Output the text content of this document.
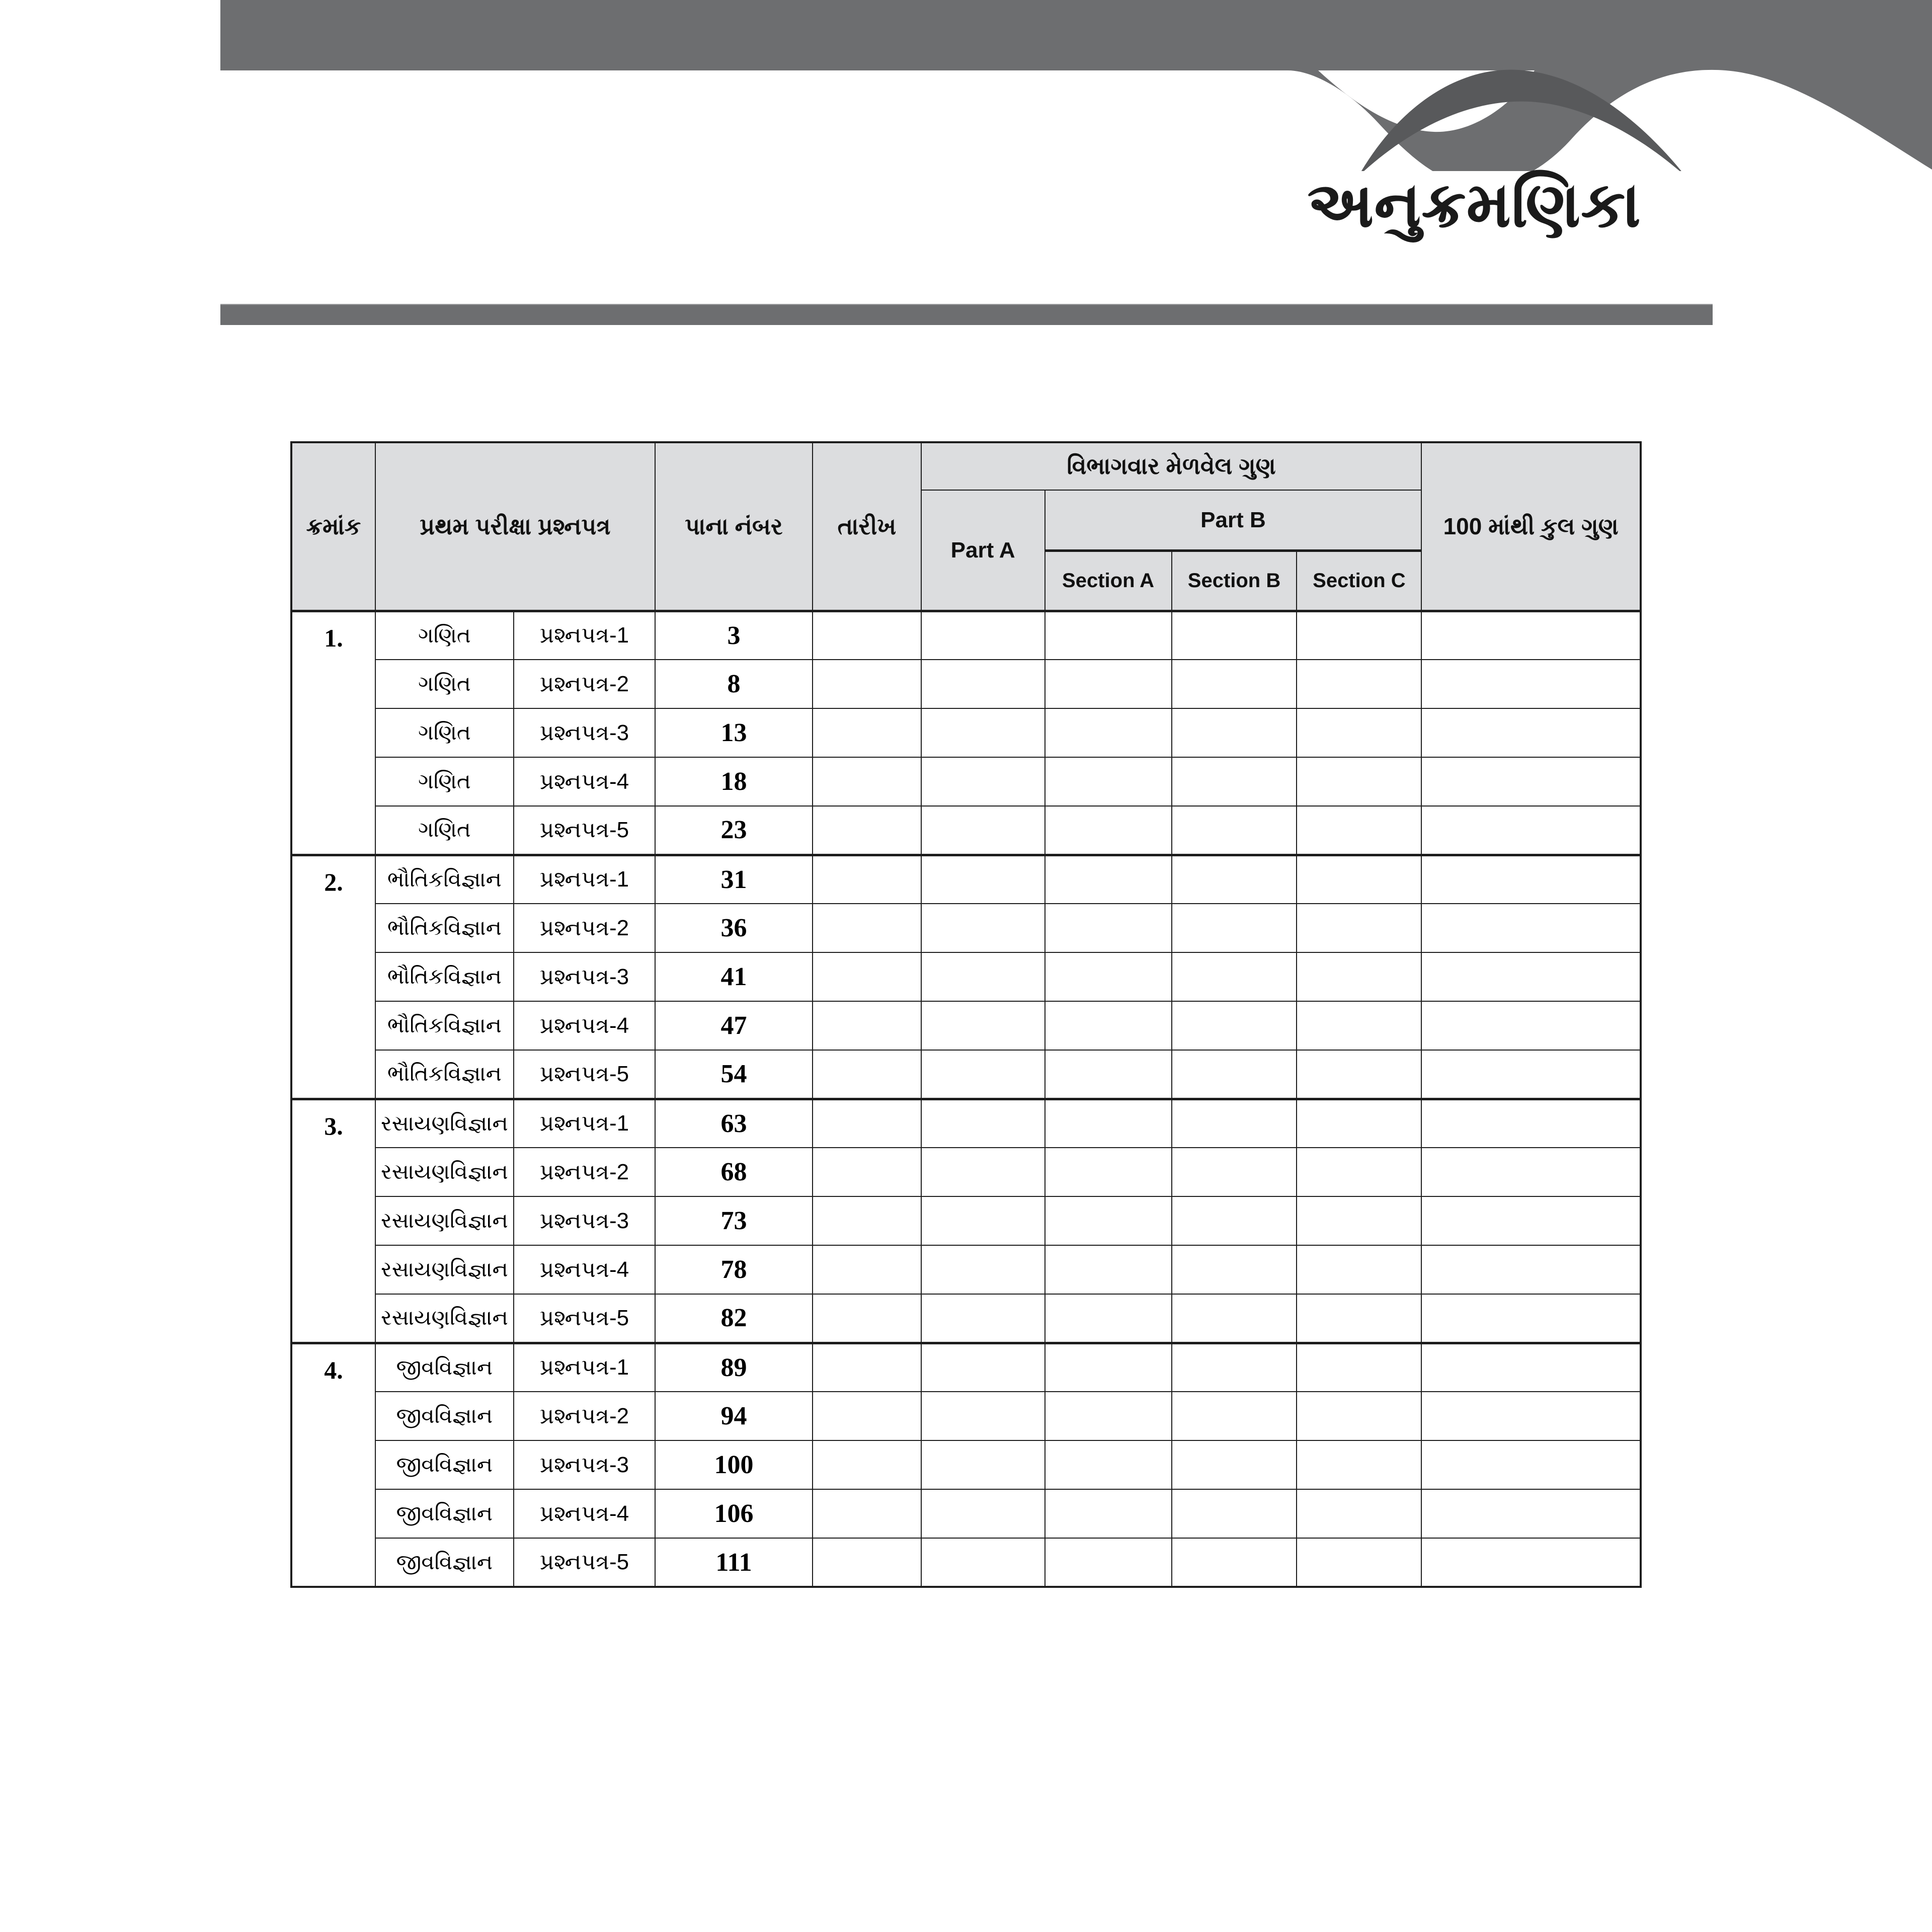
અનુક્રમણિકા
ક્રમાંક	પ્રથમ પરીક્ષા પ્રશ્નપત્ર		પાના નંબર	તારીખ	વિભાગવાર મેળવેલ ગુણ				100 માંથી કુલ ગુણ
					Part A	Part B			
						Section A	Section B	Section C	
1.	ગણિત	પ્રશ્નપત્ર-1	3						
	ગણિત	પ્રશ્નપત્ર-2	8						
	ગણિત	પ્રશ્નપત્ર-3	13						
	ગણિત	પ્રશ્નપત્ર-4	18						
	ગણિત	પ્રશ્નપત્ર-5	23						
2.	ભૌતિકવિજ્ઞાન	પ્રશ્નપત્ર-1	31						
	ભૌતિકવિજ્ઞાન	પ્રશ્નપત્ર-2	36						
	ભૌતિકવિજ્ઞાન	પ્રશ્નપત્ર-3	41						
	ભૌતિકવિજ્ઞાન	પ્રશ્નપત્ર-4	47						
	ભૌતિકવિજ્ઞાન	પ્રશ્નપત્ર-5	54						
3.	રસાયણવિજ્ઞાન	પ્રશ્નપત્ર-1	63						
	રસાયણવિજ્ઞાન	પ્રશ્નપત્ર-2	68						
	રસાયણવિજ્ઞાન	પ્રશ્નપત્ર-3	73						
	રસાયણવિજ્ઞાન	પ્રશ્નપત્ર-4	78						
	રસાયણવિજ્ઞાન	પ્રશ્નપત્ર-5	82						
4.	જીવવિજ્ઞાન	પ્રશ્નપત્ર-1	89						
	જીવવિજ્ઞાન	પ્રશ્નપત્ર-2	94						
	જીવવિજ્ઞાન	પ્રશ્નપત્ર-3	100						
	જીવવિજ્ઞાન	પ્રશ્નપત્ર-4	106						
	જીવવિજ્ઞાન	પ્રશ્નપત્ર-5	111						
